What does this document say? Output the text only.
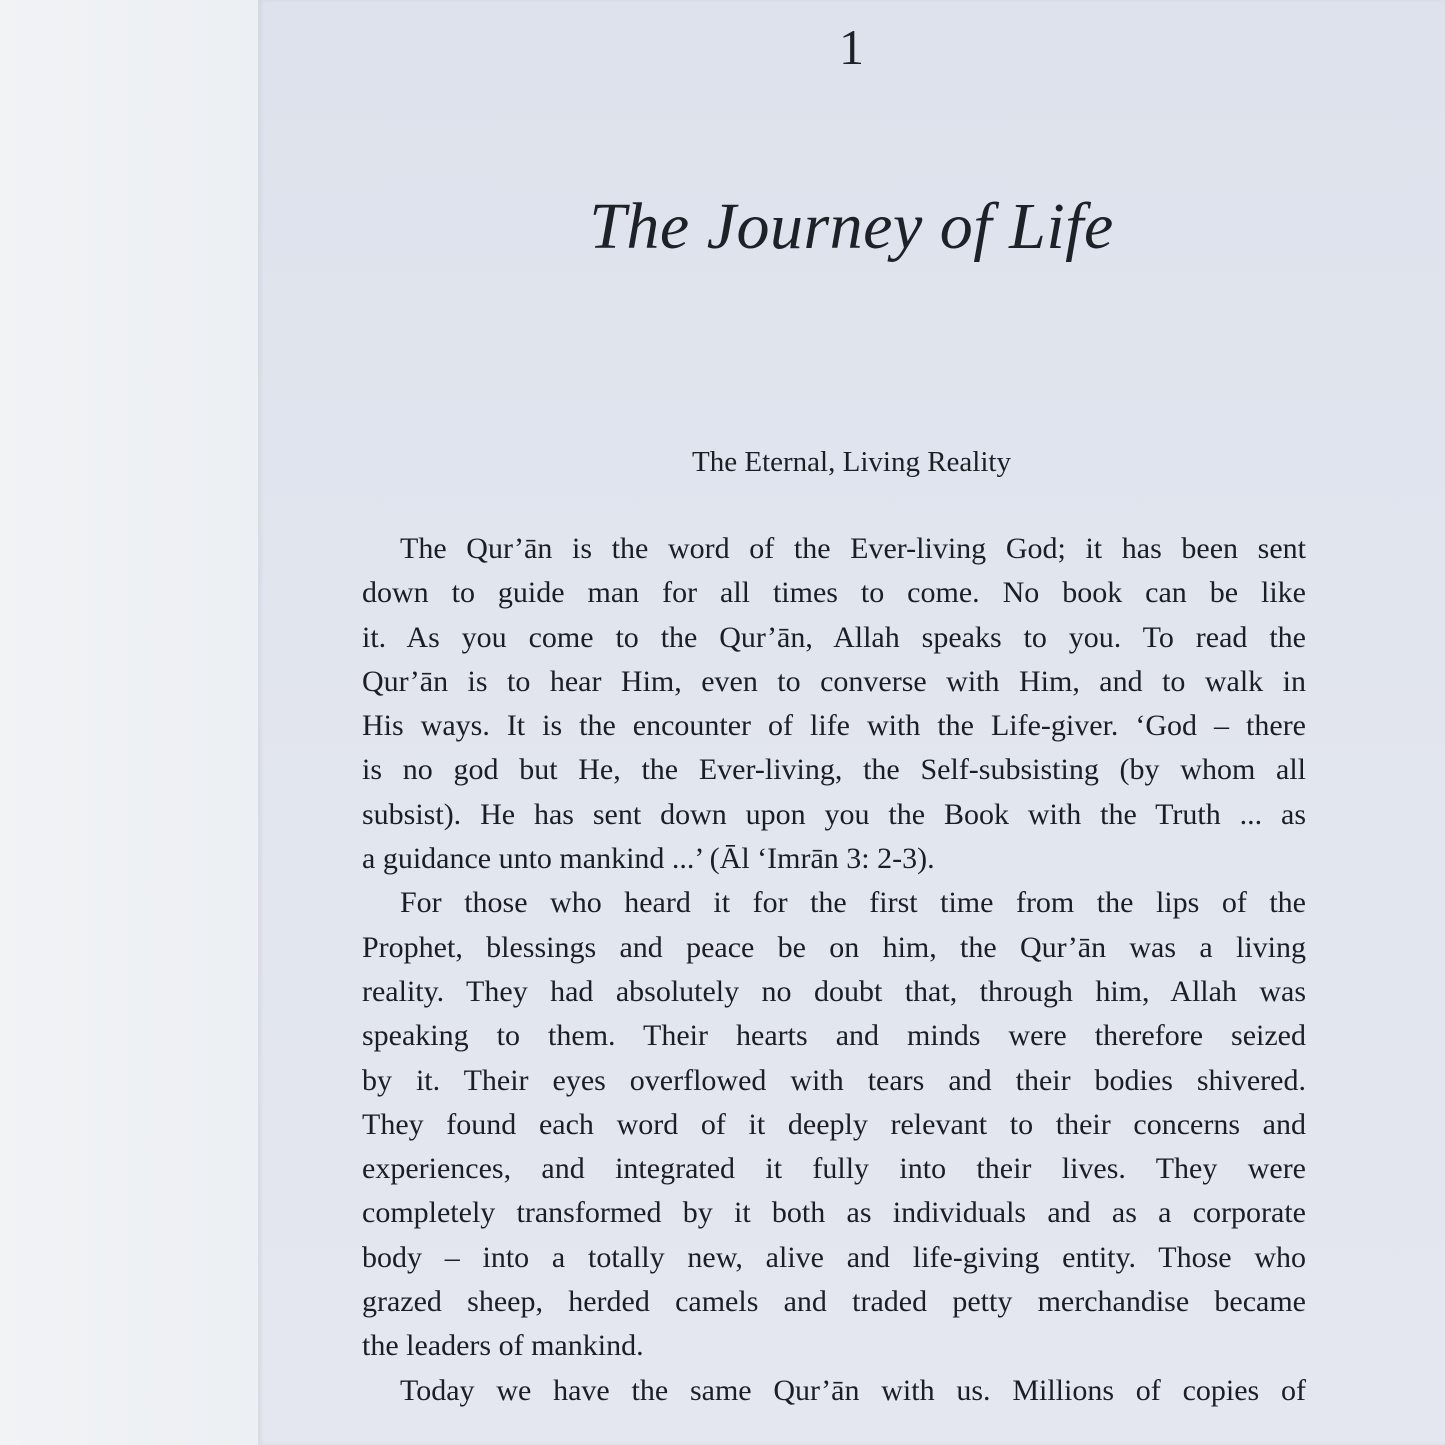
1
The Journey of Life
The Eternal, Living Reality
The Qur’ān is the word of the Ever-living God; it has been sent
down to guide man for all times to come. No book can be like
it. As you come to the Qur’ān, Allah speaks to you. To read the
Qur’ān is to hear Him, even to converse with Him, and to walk in
His ways. It is the encounter of life with the Life-giver. ‘God – there
is no god but He, the Ever-living, the Self-subsisting (by whom all
subsist). He has sent down upon you the Book with the Truth ... as
a guidance unto mankind ...’ (Āl ‘Imrān 3: 2-3).
For those who heard it for the first time from the lips of the
Prophet, blessings and peace be on him, the Qur’ān was a living
reality. They had absolutely no doubt that, through him, Allah was
speaking to them. Their hearts and minds were therefore seized
by it. Their eyes overflowed with tears and their bodies shivered.
They found each word of it deeply relevant to their concerns and
experiences, and integrated it fully into their lives. They were
completely transformed by it both as individuals and as a corporate
body – into a totally new, alive and life-giving entity. Those who
grazed sheep, herded camels and traded petty merchandise became
the leaders of mankind.
Today we have the same Qur’ān with us. Millions of copies of
